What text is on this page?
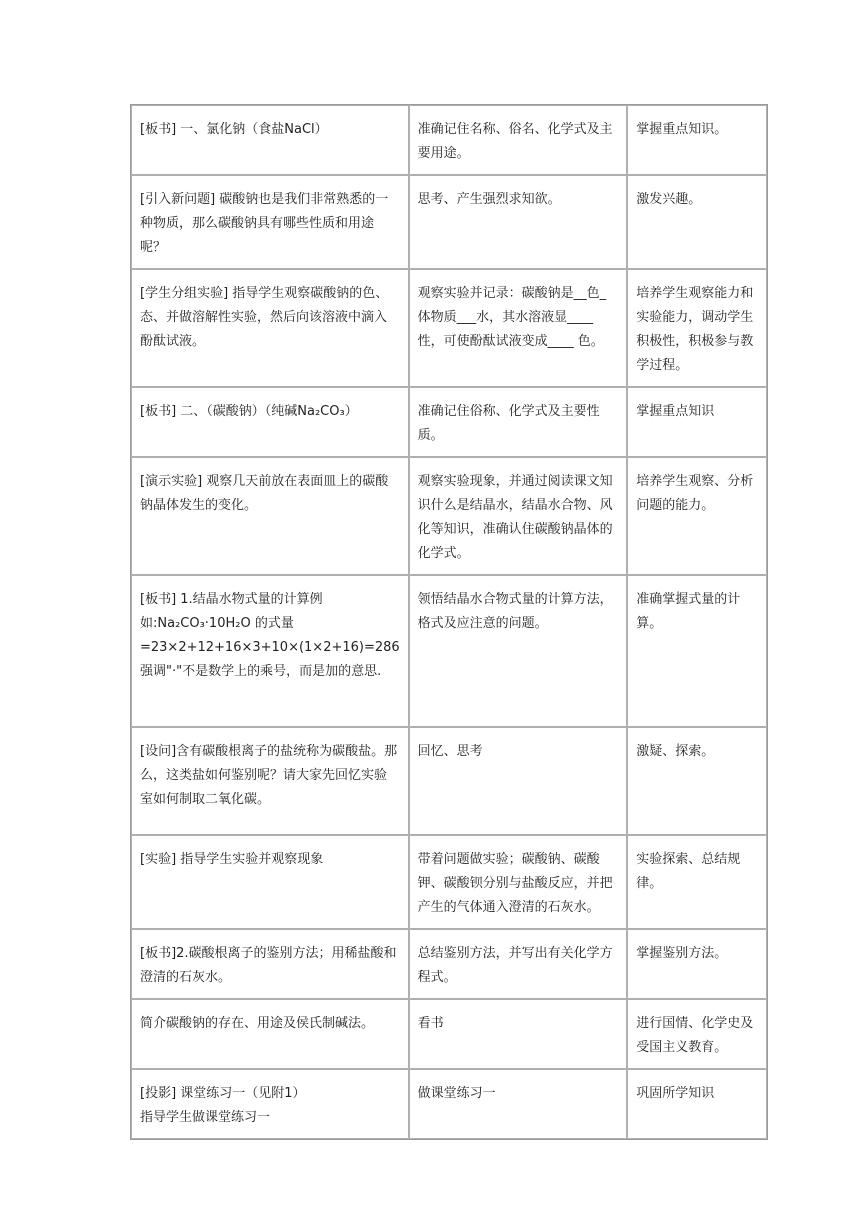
[板书] 一、氯化钠（食盐NaCl）	准确记住名称、俗名、化学式及主要用途。	掌握重点知识。

[引入新问题] 碳酸钠也是我们非常熟悉的一种物质，那么碳酸钠具有哪些性质和用途呢？	思考、产生强烈求知欲。	激发兴趣。

[学生分组实验] 指导学生观察碳酸钠的色、态、并做溶解性实验，然后向该溶液中滴入酚酞试液。	观察实验并记录：碳酸钠是__色_体物质___水，其水溶液显____性，可使酚酞试液变成____ 色。	培养学生观察能力和实验能力，调动学生积极性，积极参与教学过程。

[板书] 二、（碳酸钠）（纯碱Na₂CO₃）	准确记住俗称、化学式及主要性质。	掌握重点知识

[演示实验] 观察几天前放在表面皿上的碳酸钠晶体发生的变化。	观察实验现象，并通过阅读课文知识什么是结晶水，结晶水合物、风化等知识，准确认住碳酸钠晶体的化学式。	培养学生观察、分析问题的能力。

[板书] 1.结晶水物式量的计算例如:Na₂CO₃·10H₂O 的式量=23×2+12+16×3+10×(1×2+16)=286
强调"·"不是数学上的乘号，而是加的意思.	领悟结晶水合物式量的计算方法，格式及应注意的问题。	准确掌握式量的计算。

[设问]含有碳酸根离子的盐统称为碳酸盐。那么，这类盐如何鉴别呢？请大家先回忆实验室如何制取二氧化碳。	回忆、思考	激疑、探索。

[实验] 指导学生实验并观察现象	带着问题做实验；碳酸钠、碳酸钾、碳酸钡分别与盐酸反应，并把产生的气体通入澄清的石灰水。	实验探索、总结规律。

[板书]2.碳酸根离子的鉴别方法；用稀盐酸和澄清的石灰水。	总结鉴别方法，并写出有关化学方程式。	掌握鉴别方法。

简介碳酸钠的存在、用途及侯氏制碱法。	看书	进行国情、化学史及受国主义教育。

[投影] 课堂练习一（见附1）
指导学生做课堂练习一	做课堂练习一	巩固所学知识
